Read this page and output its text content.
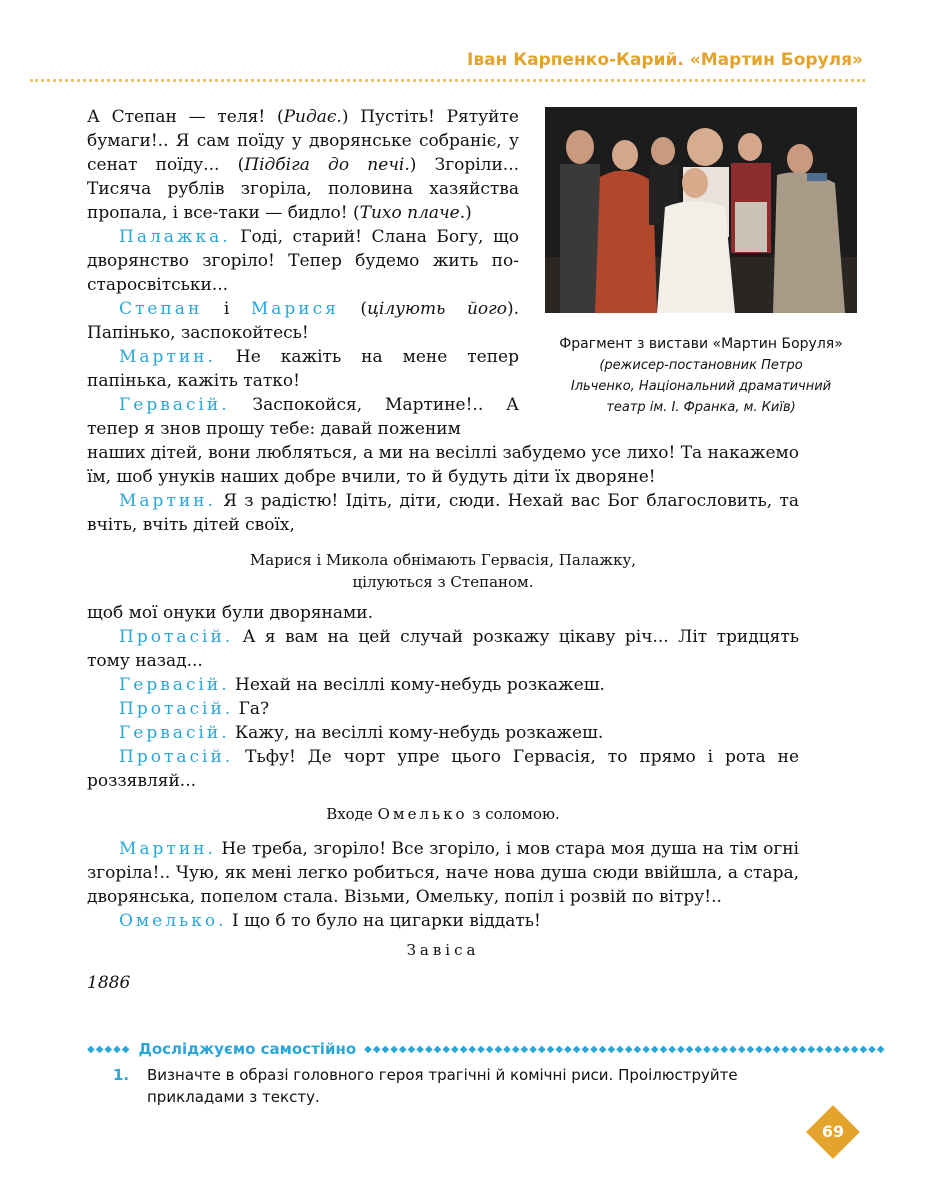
Іван Карпенко-Карий. «Мартин Боруля»
Фрагмент з вистави «Мартин Боруля»
(режисер-постановник Петро
Ільченко, Національний драматичний
театр ім. І. Франка, м. Київ)

А Степан — теля! (Ридає.) Пустіть! Рятуйте бумаги!.. Я сам поїду у дворянське собраніє, у сенат поїду... (Підбіга до печі.) Згоріли... Тисяча рублів згоріла, половина хазяйства пропала, і все-таки — бидло! (Тихо плаче.)

Палажка. Годі, старий! Слана Богу, що дворянство згоріло! Тепер будемо жить по-старосвітськи...

Степан і Марися (цілують його). Папінько, заспокойтесь!

Мартин. Не кажіть на мене тепер папінька, кажіть татко!

Гервасій. Заспокойся, Мартине!.. А тепер я знов прошу тебе: давай поженим

наших дітей, вони люблятьcя, а ми на весіллі забудемо усе лихо! Та накажемо їм, шоб унуків наших добре вчили, то й будуть діти їх дворяне!

Мартин. Я з радістю! Ідіть, діти, сюди. Нехай вас Бог благословить, та вчіть, вчіть дітей своїх,

Марися і Микола обнімають Гервасія, Палажку,
цілуються з Степаном.

щоб мої онуки були дворянами.

Протасій. А я вам на цей случай розкажу цікаву річ... Літ тридцять тому назад...

Гервасій. Нехай на весіллі кому-небудь розкажеш.

Протасій. Га?

Гервасій. Кажу, на весіллі кому-небудь розкажеш.

Протасій. Тьфу! Де чорт упре цього Гервасія, то прямо і рота не роззявляй...

Входе Омелько з соломою.

Мартин. Не треба, згоріло! Все згоріло, і мов стара моя душа на тім огні згоріла!.. Чую, як мені легко робиться, наче нова душа сюди ввійшла, а стара, дворянська, попелом стала. Візьми, Омельку, попіл і розвій по вітру!..

Омелько. І що б то було на цигарки віддать!

Завіса

1886

◆◆◆◆◆ Досліджуємо самостійно ◆◆◆◆◆◆◆◆◆◆◆◆◆◆◆◆◆◆◆◆◆◆◆◆◆◆◆◆◆◆◆◆◆◆◆◆◆◆◆◆◆◆◆◆◆◆◆◆◆◆◆◆◆◆◆◆◆◆◆◆
1.	Визначте в образі головного героя трагічні й комічні риси. Проілюструйте прикладами з тексту.
69
